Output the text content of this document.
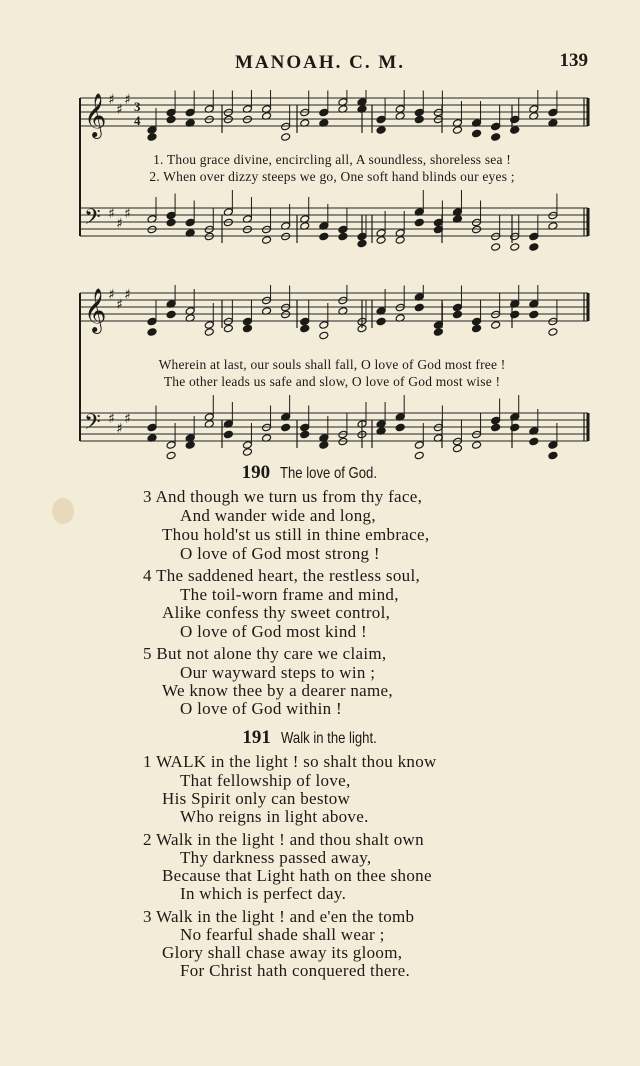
MANOAH. C. M.	139
𝄞 ♯
♯
♯
𝄢 ♯
♯
♯
3
4
1. Thou grace divine, encircling all, A soundless, shoreless sea !
2. When over dizzy steeps we go, One soft hand blinds our eyes ;
𝄞 ♯
♯
♯
𝄢 ♯
♯
♯
Wherein at last, our souls shall fall, O love of God most free !
The other leads us safe and slow, O love of God most wise !
190 The love of God.
3 And though we turn us from thy face,
And wander wide and long,
Thou hold'st us still in thine embrace,
O love of God most strong !
4 The saddened heart, the restless soul,
The toil-worn frame and mind,
Alike confess thy sweet control,
O love of God most kind !
5 But not alone thy care we claim,
Our wayward steps to win ;
We know thee by a dearer name,
O love of God within !
191 Walk in the light.
1 WALK in the light ! so shalt thou know
That fellowship of love,
His Spirit only can bestow
Who reigns in light above.
2 Walk in the light ! and thou shalt own
Thy darkness passed away,
Because that Light hath on thee shone
In which is perfect day.
3 Walk in the light ! and e'en the tomb
No fearful shade shall wear ;
Glory shall chase away its gloom,
For Christ hath conquered there.
